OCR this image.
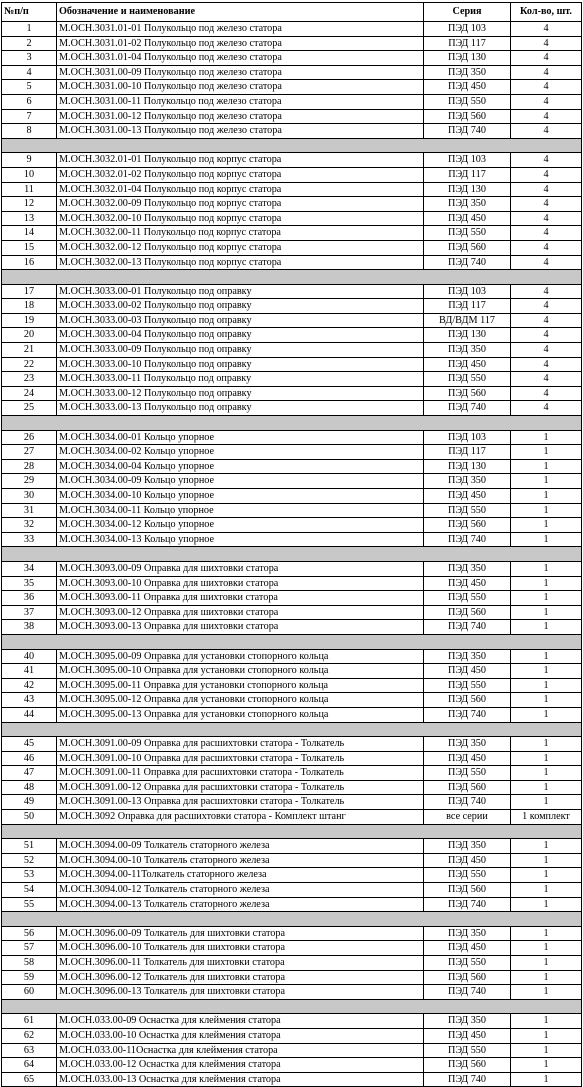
№п/п	Обозначение и наименование	Серия	Кол-во, шт.
1	М.ОСН.3031.01-01 Полукольцо под железо статора	ПЭД 103	4
2	М.ОСН.3031.01-02 Полукольцо под железо статора	ПЭД 117	4
3	М.ОСН.3031.01-04 Полукольцо под железо статора	ПЭД 130	4
4	М.ОСН.3031.00-09 Полукольцо под железо статора	ПЭД 350	4
5	М.ОСН.3031.00-10 Полукольцо под железо статора	ПЭД 450	4
6	М.ОСН.3031.00-11 Полукольцо под железо статора	ПЭД 550	4
7	М.ОСН.3031.00-12 Полукольцо под железо статора	ПЭД 560	4
8	М.ОСН.3031.00-13 Полукольцо под железо статора	ПЭД 740	4

9	М.ОСН.3032.01-01 Полукольцо под корпус статора	ПЭД 103	4
10	М.ОСН.3032.01-02 Полукольцо под корпус статора	ПЭД 117	4
11	М.ОСН.3032.01-04 Полукольцо под корпус статора	ПЭД 130	4
12	М.ОСН.3032.00-09 Полукольцо под корпус статора	ПЭД 350	4
13	М.ОСН.3032.00-10 Полукольцо под корпус статора	ПЭД 450	4
14	М.ОСН.3032.00-11 Полукольцо под корпус статора	ПЭД 550	4
15	М.ОСН.3032.00-12 Полукольцо под корпус статора	ПЭД 560	4
16	М.ОСН.3032.00-13 Полукольцо под корпус статора	ПЭД 740	4

17	М.ОСН.3033.00-01 Полукольцо под оправку	ПЭД 103	4
18	М.ОСН.3033.00-02 Полукольцо под оправку	ПЭД 117	4
19	М.ОСН.3033.00-03 Полукольцо под оправку	ВД/ВДМ 117	4
20	М.ОСН.3033.00-04 Полукольцо под оправку	ПЭД 130	4
21	М.ОСН.3033.00-09 Полукольцо под оправку	ПЭД 350	4
22	М.ОСН.3033.00-10 Полукольцо под оправку	ПЭД 450	4
23	М.ОСН.3033.00-11 Полукольцо под оправку	ПЭД 550	4
24	М.ОСН.3033.00-12 Полукольцо под оправку	ПЭД 560	4
25	М.ОСН.3033.00-13 Полукольцо под оправку	ПЭД 740	4

26	М.ОСН.3034.00-01 Кольцо упорное	ПЭД 103	1
27	М.ОСН.3034.00-02 Кольцо упорное	ПЭД 117	1
28	М.ОСН.3034.00-04 Кольцо упорное	ПЭД 130	1
29	М.ОСН.3034.00-09 Кольцо упорное	ПЭД 350	1
30	М.ОСН.3034.00-10 Кольцо упорное	ПЭД 450	1
31	М.ОСН.3034.00-11 Кольцо упорное	ПЭД 550	1
32	М.ОСН.3034.00-12 Кольцо упорное	ПЭД 560	1
33	М.ОСН.3034.00-13 Кольцо упорное	ПЭД 740	1

34	М.ОСН.3093.00-09 Оправка для шихтовки статора	ПЭД 350	1
35	М.ОСН.3093.00-10 Оправка для шихтовки статора	ПЭД 450	1
36	М.ОСН.3093.00-11 Оправка для шихтовки статора	ПЭД 550	1
37	М.ОСН.3093.00-12 Оправка для шихтовки статора	ПЭД 560	1
38	М.ОСН.3093.00-13 Оправка для шихтовки статора	ПЭД 740	1

40	М.ОСН.3095.00-09 Оправка для установки стопорного кольца	ПЭД 350	1
41	М.ОСН.3095.00-10 Оправка для установки стопорного кольца	ПЭД 450	1
42	М.ОСН.3095.00-11 Оправка для установки стопорного кольца	ПЭД 550	1
43	М.ОСН.3095.00-12 Оправка для установки стопорного кольца	ПЭД 560	1
44	М.ОСН.3095.00-13 Оправка для установки стопорного кольца	ПЭД 740	1

45	М.ОСН.3091.00-09 Оправка для расшихтовки статора - Толкатель	ПЭД 350	1
46	М.ОСН.3091.00-10 Оправка для расшихтовки статора - Толкатель	ПЭД 450	1
47	М.ОСН.3091.00-11 Оправка для расшихтовки статора - Толкатель	ПЭД 550	1
48	М.ОСН.3091.00-12 Оправка для расшихтовки статора - Толкатель	ПЭД 560	1
49	М.ОСН.3091.00-13 Оправка для расшихтовки статора - Толкатель	ПЭД 740	1
50	М.ОСН.3092 Оправка для расшихтовки статора - Комплект штанг	все серии	1 комплект

51	М.ОСН.3094.00-09 Толкатель статорного железа	ПЭД 350	1
52	М.ОСН.3094.00-10 Толкатель статорного железа	ПЭД 450	1
53	М.ОСН.3094.00-11Толкатель статорного железа	ПЭД 550	1
54	М.ОСН.3094.00-12 Толкатель статорного железа	ПЭД 560	1
55	М.ОСН.3094.00-13 Толкатель статорного железа	ПЭД 740	1

56	М.ОСН.3096.00-09 Толкатель для шихтовки статора	ПЭД 350	1
57	М.ОСН.3096.00-10 Толкатель для шихтовки статора	ПЭД 450	1
58	М.ОСН.3096.00-11 Толкатель для шихтовки статора	ПЭД 550	1
59	М.ОСН.3096.00-12 Толкатель для шихтовки статора	ПЭД 560	1
60	М.ОСН.3096.00-13 Толкатель для шихтовки статора	ПЭД 740	1

61	М.ОСН.033.00-09 Оснастка для клеймения статора	ПЭД 350	1
62	М.ОСН.033.00-10 Оснастка для клеймения статора	ПЭД 450	1
63	М.ОСН.033.00-11Оснастка для клеймения статора	ПЭД 550	1
64	М.ОСН.033.00-12 Оснастка для клеймения статора	ПЭД 560	1
65	М.ОСН.033.00-13 Оснастка для клеймения статора	ПЭД 740	1
